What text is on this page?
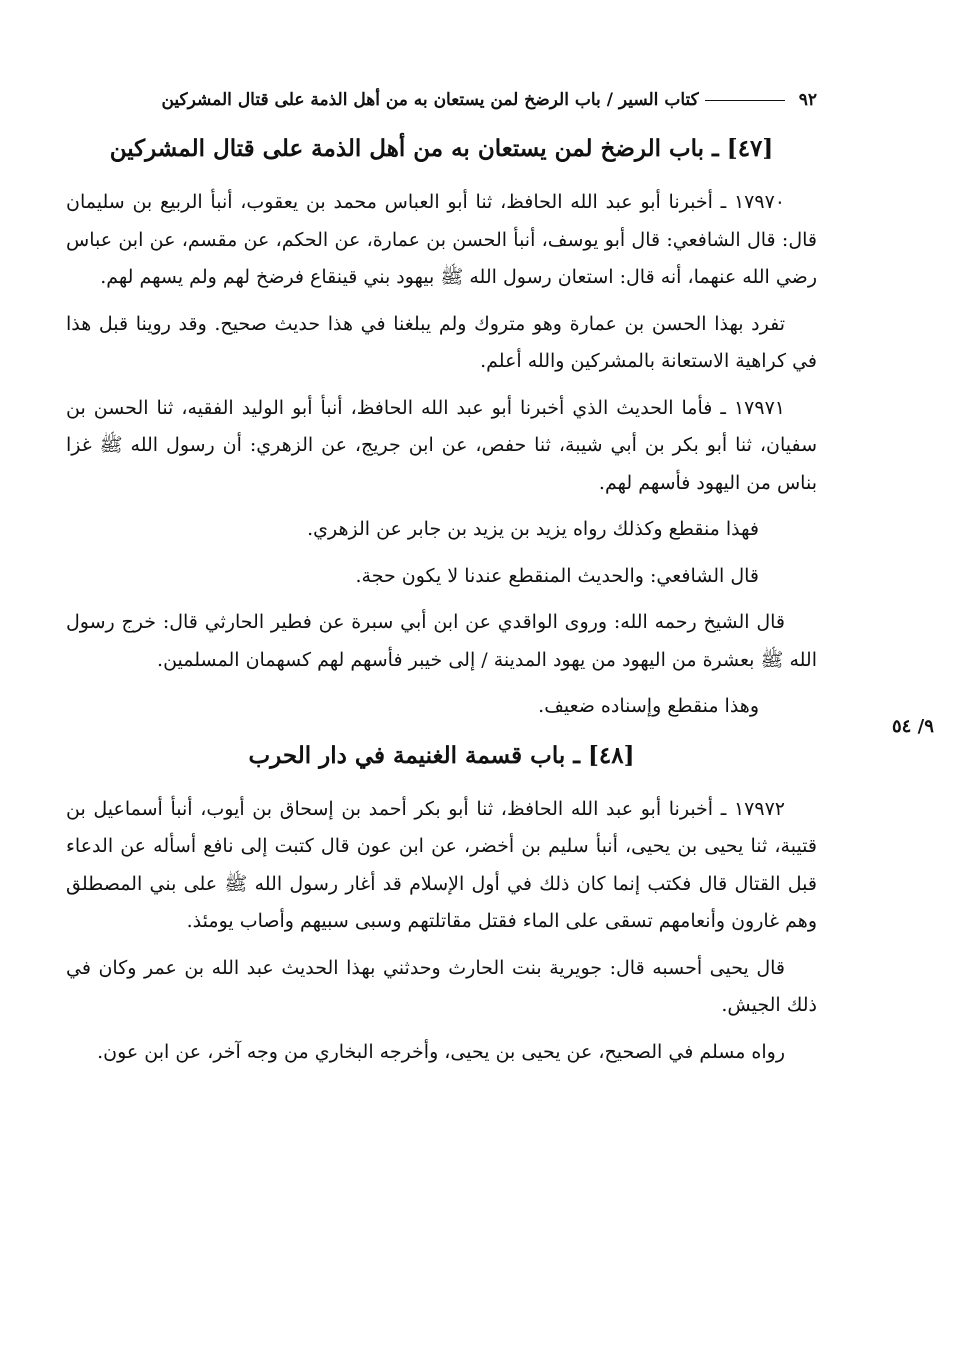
٩٢
كتاب السير / باب الرضخ لمن يستعان به من أهل الذمة على قتال المشركين
٩/ ٥٤
[٤٧] ـ باب الرضخ لمن يستعان به من أهل الذمة على قتال المشركين

١٧٩٧٠ ـ أخبرنا أبو عبد الله الحافظ، ثنا أبو العباس محمد بن يعقوب، أنبأ الربيع بن سليمان قال: قال الشافعي: قال أبو يوسف، أنبأ الحسن بن عمارة، عن الحكم، عن مقسم، عن ابن عباس رضي الله عنهما، أنه قال: استعان رسول الله ﷺ بيهود بني قينقاع فرضخ لهم ولم يسهم لهم.

تفرد بهذا الحسن بن عمارة وهو متروك ولم يبلغنا في هذا حديث صحيح. وقد روينا قبل هذا في كراهية الاستعانة بالمشركين والله أعلم.

١٧٩٧١ ـ فأما الحديث الذي أخبرنا أبو عبد الله الحافظ، أنبأ أبو الوليد الفقيه، ثنا الحسن بن سفيان، ثنا أبو بكر بن أبي شيبة، ثنا حفص، عن ابن جريج، عن الزهري: أن رسول الله ﷺ غزا بناس من اليهود فأسهم لهم.

فهذا منقطع وكذلك رواه يزيد بن يزيد بن جابر عن الزهري.

قال الشافعي: والحديث المنقطع عندنا لا يكون حجة.

قال الشيخ رحمه الله: وروى الواقدي عن ابن أبي سبرة عن فطير الحارثي قال: خرج رسول الله ﷺ بعشرة من اليهود من يهود المدينة / إلى خيبر فأسهم لهم كسهمان المسلمين.

وهذا منقطع وإسناده ضعيف.

[٤٨] ـ باب قسمة الغنيمة في دار الحرب

١٧٩٧٢ ـ أخبرنا أبو عبد الله الحافظ، ثنا أبو بكر أحمد بن إسحاق بن أيوب، أنبأ أسماعيل بن قتيبة، ثنا يحيى بن يحيى، أنبأ سليم بن أخضر، عن ابن عون قال كتبت إلى نافع أسأله عن الدعاء قبل القتال قال فكتب إنما كان ذلك في أول الإسلام قد أغار رسول الله ﷺ على بني المصطلق وهم غارون وأنعامهم تسقى على الماء فقتل مقاتلتهم وسبى سبيهم وأصاب يومئذ.

قال يحيى أحسبه قال: جويرية بنت الحارث وحدثني بهذا الحديث عبد الله بن عمر وكان في ذلك الجيش.

رواه مسلم في الصحيح، عن يحيى بن يحيى، وأخرجه البخاري من وجه آخر، عن ابن عون.
